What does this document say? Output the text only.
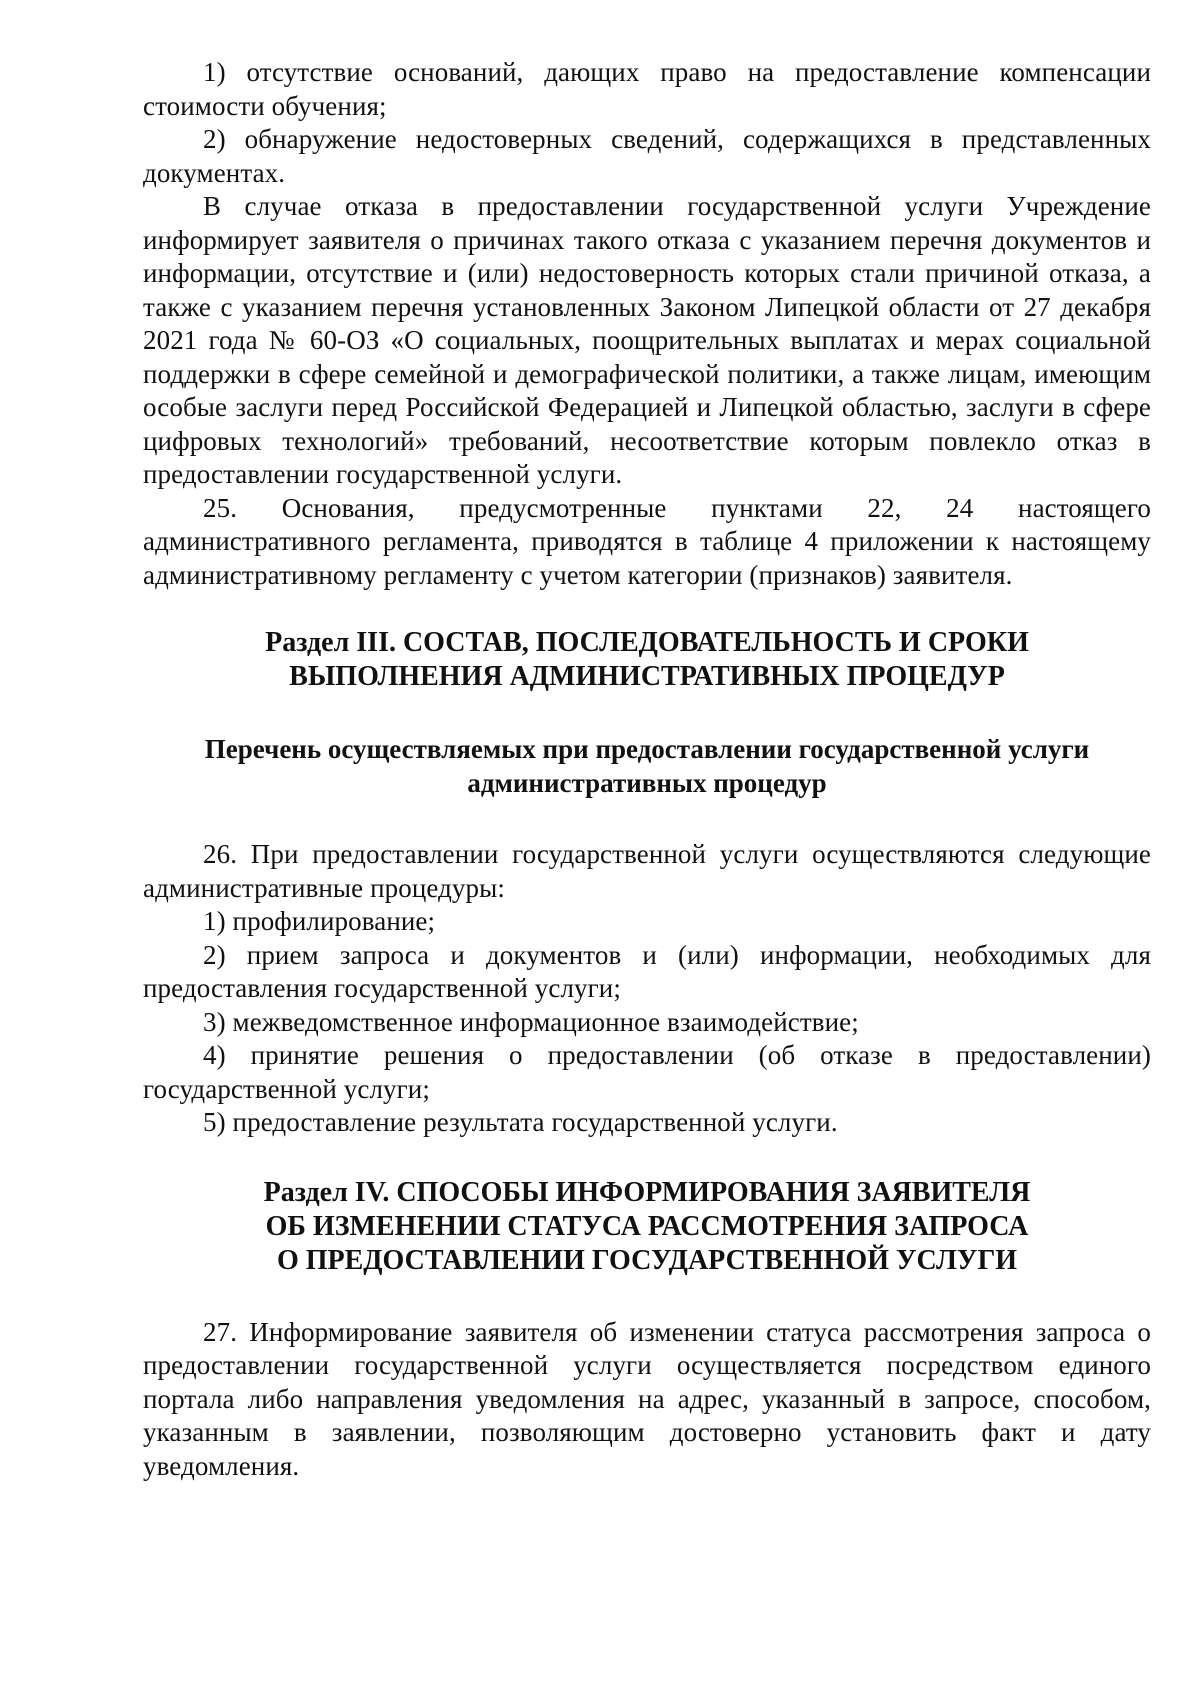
1) отсутствие оснований, дающих право на предоставление компенсации стоимости обучения;

2) обнаружение недостоверных сведений, содержащихся в представленных документах.

В случае отказа в предоставлении государственной услуги Учреждение информирует заявителя о причинах такого отказа с указанием перечня документов и информации, отсутствие и (или) недостоверность которых стали причиной отказа, а также с указанием перечня установленных Законом Липецкой области от 27 декабря 2021 года № 60-ОЗ «О социальных, поощрительных выплатах и мерах социальной поддержки в сфере семейной и демографической политики, а также лицам, имеющим особые заслуги перед Российской Федерацией и Липецкой областью, заслуги в сфере цифровых технологий» требований, несоответствие которым повлекло отказ в предоставлении государственной услуги.

25. Основания, предусмотренные пунктами 22, 24 настоящего административного регламента, приводятся в таблице 4 приложении к настоящему административному регламенту с учетом категории (признаков) заявителя.

Раздел III. СОСТАВ, ПОСЛЕДОВАТЕЛЬНОСТЬ И СРОКИ
ВЫПОЛНЕНИЯ АДМИНИСТРАТИВНЫХ ПРОЦЕДУР
Перечень осуществляемых при предоставлении государственной услуги
административных процедур

26. При предоставлении государственной услуги осуществляются следующие административные процедуры:

1) профилирование;

2) прием запроса и документов и (или) информации, необходимых для предоставления государственной услуги;

3) межведомственное информационное взаимодействие;

4) принятие решения о предоставлении (об отказе в предоставлении) государственной услуги;

5) предоставление результата государственной услуги.

Раздел IV. СПОСОБЫ ИНФОРМИРОВАНИЯ ЗАЯВИТЕЛЯ
ОБ ИЗМЕНЕНИИ СТАТУСА РАССМОТРЕНИЯ ЗАПРОСА
О ПРЕДОСТАВЛЕНИИ ГОСУДАРСТВЕННОЙ УСЛУГИ

27. Информирование заявителя об изменении статуса рассмотрения запроса о предоставлении государственной услуги осуществляется посредством единого портала либо направления уведомления на адрес, указанный в запросе, способом, указанным в заявлении, позволяющим достоверно установить факт и дату уведомления.
